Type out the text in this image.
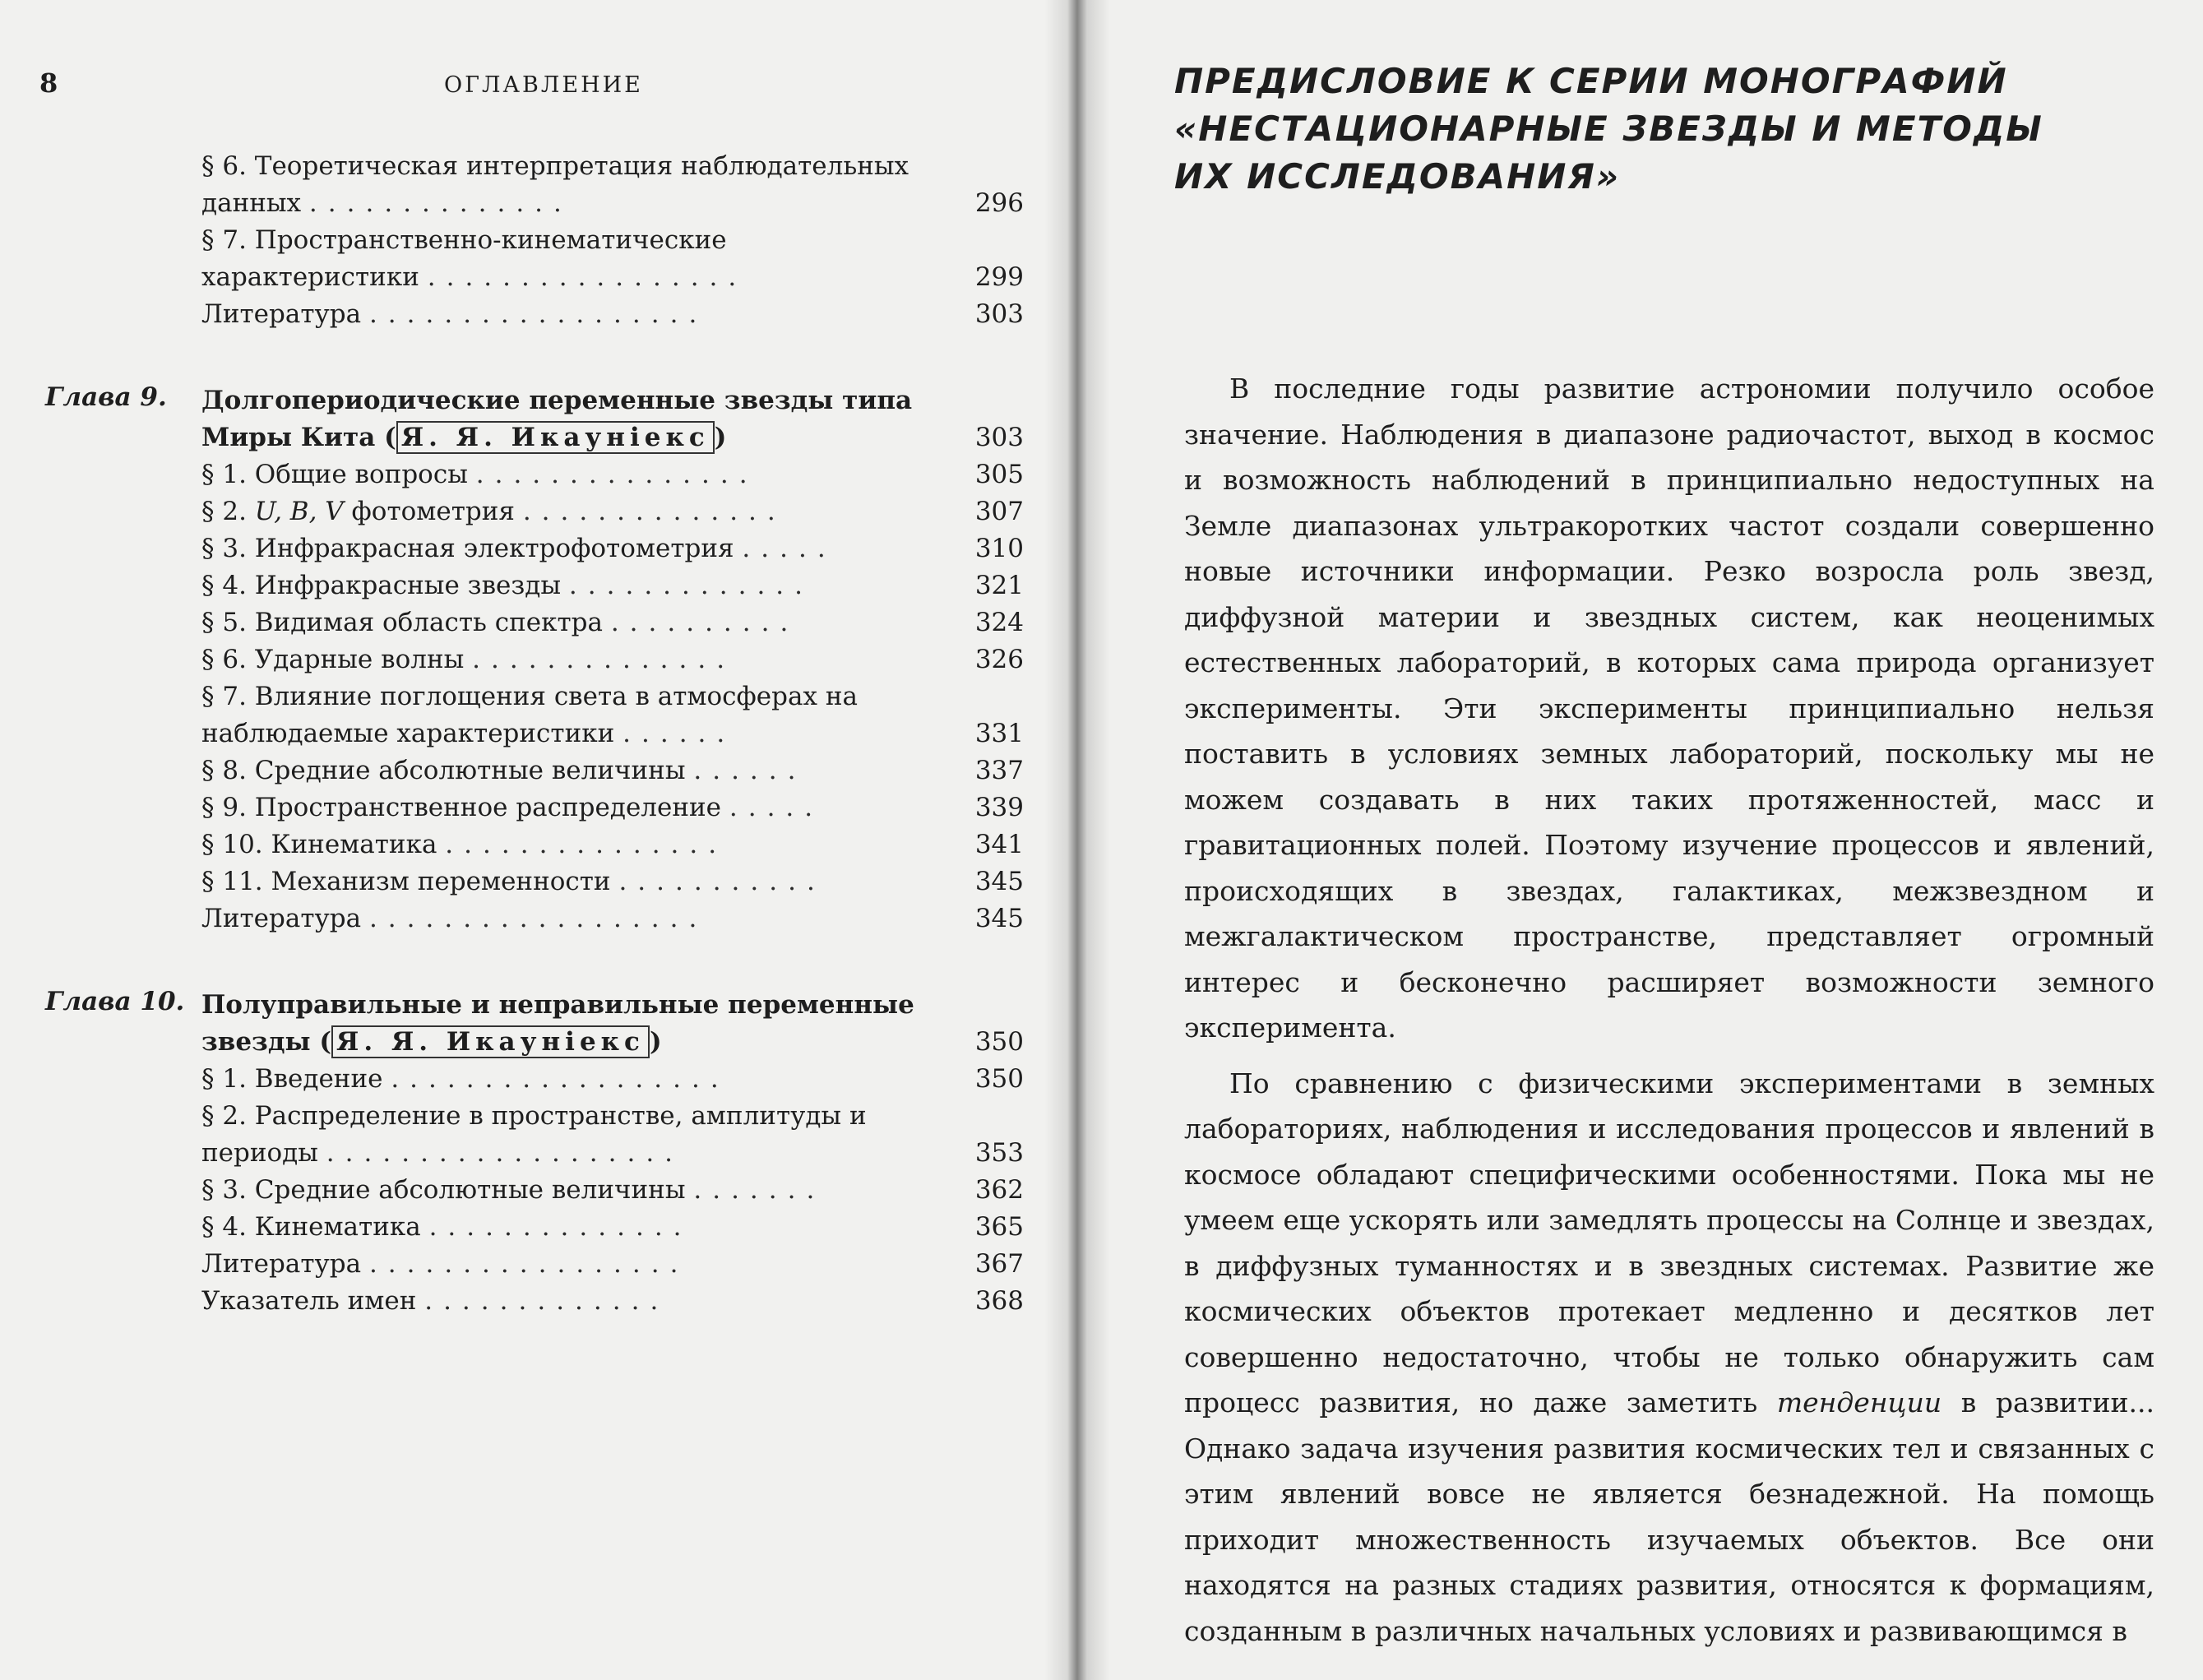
8	ОГЛАВЛЕНИЕ
§ 6. Теоретическая интерпретация наблюдательных данных ..............	296
§ 7. Пространственно-кинематические характеристики .................	299
Литература ..................	303
Глава 9.	Долгопериодические переменные звезды типа Миры Кита ( Я. Я. Икаунiекс )	303
§ 1. Общие вопросы ...............	305
§ 2. U, B, V фотометрия ..............	307
§ 3. Инфракрасная электрофотометрия .....	310
§ 4. Инфракрасные звезды .............	321
§ 5. Видимая область спектра ..........	324
§ 6. Ударные волны ..............	326
§ 7. Влияние поглощения света в атмосферах на наблюдаемые характеристики ......	331
§ 8. Средние абсолютные величины ......	337
§ 9. Пространственное распределение .....	339
§ 10. Кинематика ...............	341
§ 11. Механизм переменности ...........	345
Литература ..................	345
Глава 10. Полуправильные и неправильные переменные звезды ( Я. Я. Икаунiекс )	350
§ 1. Введение ..................	350
§ 2. Распределение в пространстве, амплитуды и периоды ...................	353
§ 3. Средние абсолютные величины .......	362
§ 4. Кинематика ..............	365
Литература .................	367
Указатель имен .............	368
ПРЕДИСЛОВИЕ К СЕРИИ МОНОГРАФИЙ
«НЕСТАЦИОНАРНЫЕ ЗВЕЗДЫ И МЕТОДЫ
ИХ ИССЛЕДОВАНИЯ»

В последние годы развитие астрономии получило особое значение. Наблюдения в диапазоне радиочастот, выход в космос и возможность наблюдений в принципиально недоступных на Земле диапазонах ультракоротких частот создали совершенно новые источники информации. Резко возросла роль звезд, диффузной материи и звездных систем, как неоценимых естественных лабораторий, в которых сама природа организует эксперименты. Эти эксперименты принципиально нельзя поставить в условиях земных лабораторий, поскольку мы не можем создавать в них таких протяженностей, масс и гравитационных полей. Поэтому изучение процессов и явлений, происходящих в звездах, галактиках, межзвездном и межгалактическом пространстве, представляет огромный интерес и бесконечно расширяет возможности земного эксперимента.

По сравнению с физическими экспериментами в земных лабораториях, наблюдения и исследования процессов и явлений в космосе обладают специфическими особенностями. Пока мы не умеем еще ускорять или замедлять процессы на Солнце и звездах, в диффузных туманностях и в звездных системах. Развитие же космических объектов протекает медленно и десятков лет совершенно недостаточно, чтобы не только обнаружить сам процесс развития, но даже заметить тенденции в развитии... Однако задача изучения развития космических тел и связанных с этим явлений вовсе не является безнадежной. На помощь приходит множественность изучаемых объектов. Все они находятся на разных стадиях развития, относятся к формациям, созданным в различных начальных условиях и развивающимся в
